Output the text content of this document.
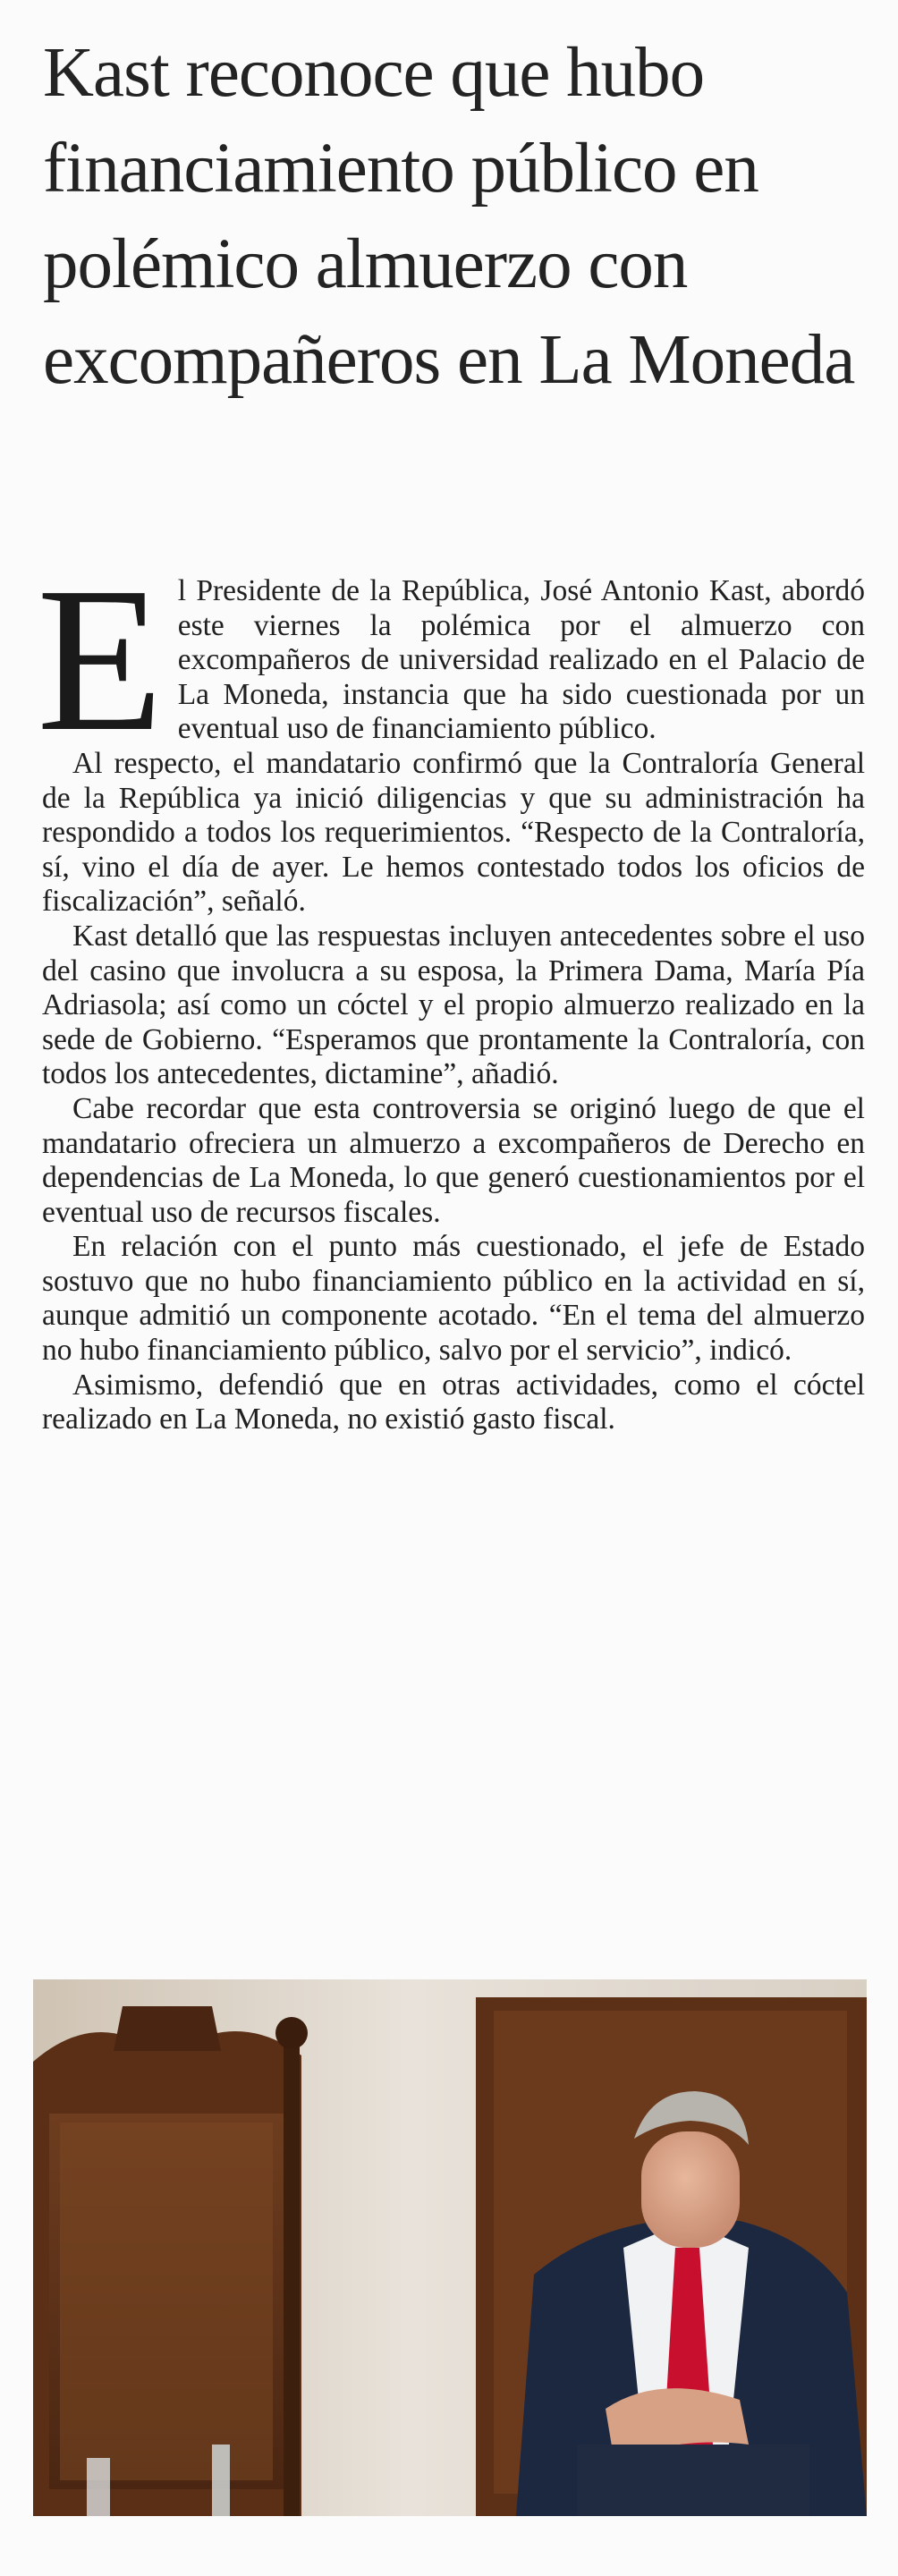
Kast reconoce que hubo financiamiento público en polémico almuerzo con excompañeros en La Moneda

El Presidente de la República, José Antonio Kast, abordó este viernes la polémica por el almuerzo con excompañeros de universidad realizado en el Palacio de La Moneda, instancia que ha sido cuestionada por un eventual uso de financiamiento público.

Al respecto, el mandatario confirmó que la Contraloría General de la República ya inició diligencias y que su administración ha respondido a todos los requerimientos. “Respecto de la Contraloría, sí, vino el día de ayer. Le hemos contestado todos los oficios de fiscalización”, señaló.

Kast detalló que las respuestas incluyen antecedentes sobre el uso del casino que involucra a su esposa, la Primera Dama, María Pía Adriasola; así como un cóctel y el propio almuerzo realizado en la sede de Gobierno. “Esperamos que prontamente la Contraloría, con todos los antecedentes, dictamine”, añadió.

Cabe recordar que esta controversia se originó luego de que el mandatario ofreciera un almuerzo a excompañeros de Derecho en dependencias de La Moneda, lo que generó cuestionamientos por el eventual uso de recursos fiscales.

En relación con el punto más cuestionado, el jefe de Estado sostuvo que no hubo financiamiento público en la actividad en sí, aunque admitió un componente acotado. “En el tema del almuerzo no hubo financiamiento público, salvo por el servicio”, indicó.

Asimismo, defendió que en otras actividades, como el cóctel realizado en La Moneda, no existió gasto fiscal.
